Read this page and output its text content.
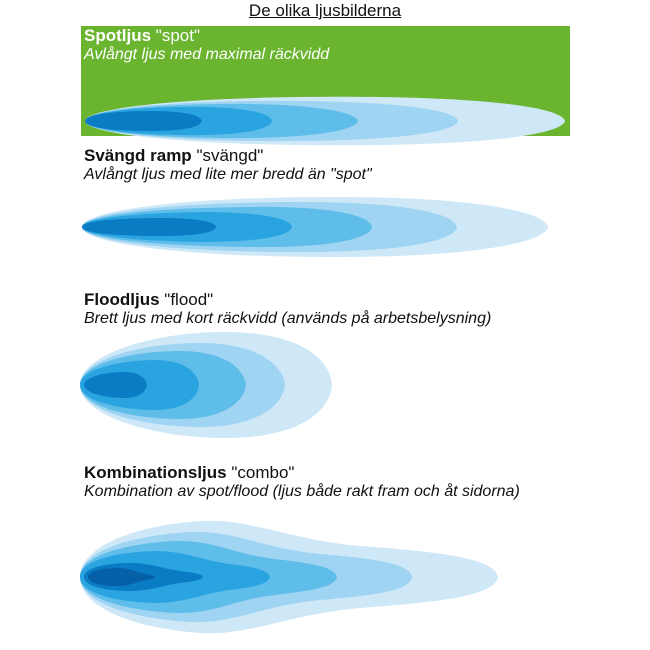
De olika ljusbilderna
Spotljus "spot"
Avlångt ljus med maximal räckvidd
Svängd ramp "svängd"
Avlångt ljus med lite mer bredd än "spot"
Floodljus "flood"
Brett ljus med kort räckvidd (används på arbetsbelysning)
Kombinationsljus "combo"
Kombination av spot/flood (ljus både rakt fram och åt sidorna)
